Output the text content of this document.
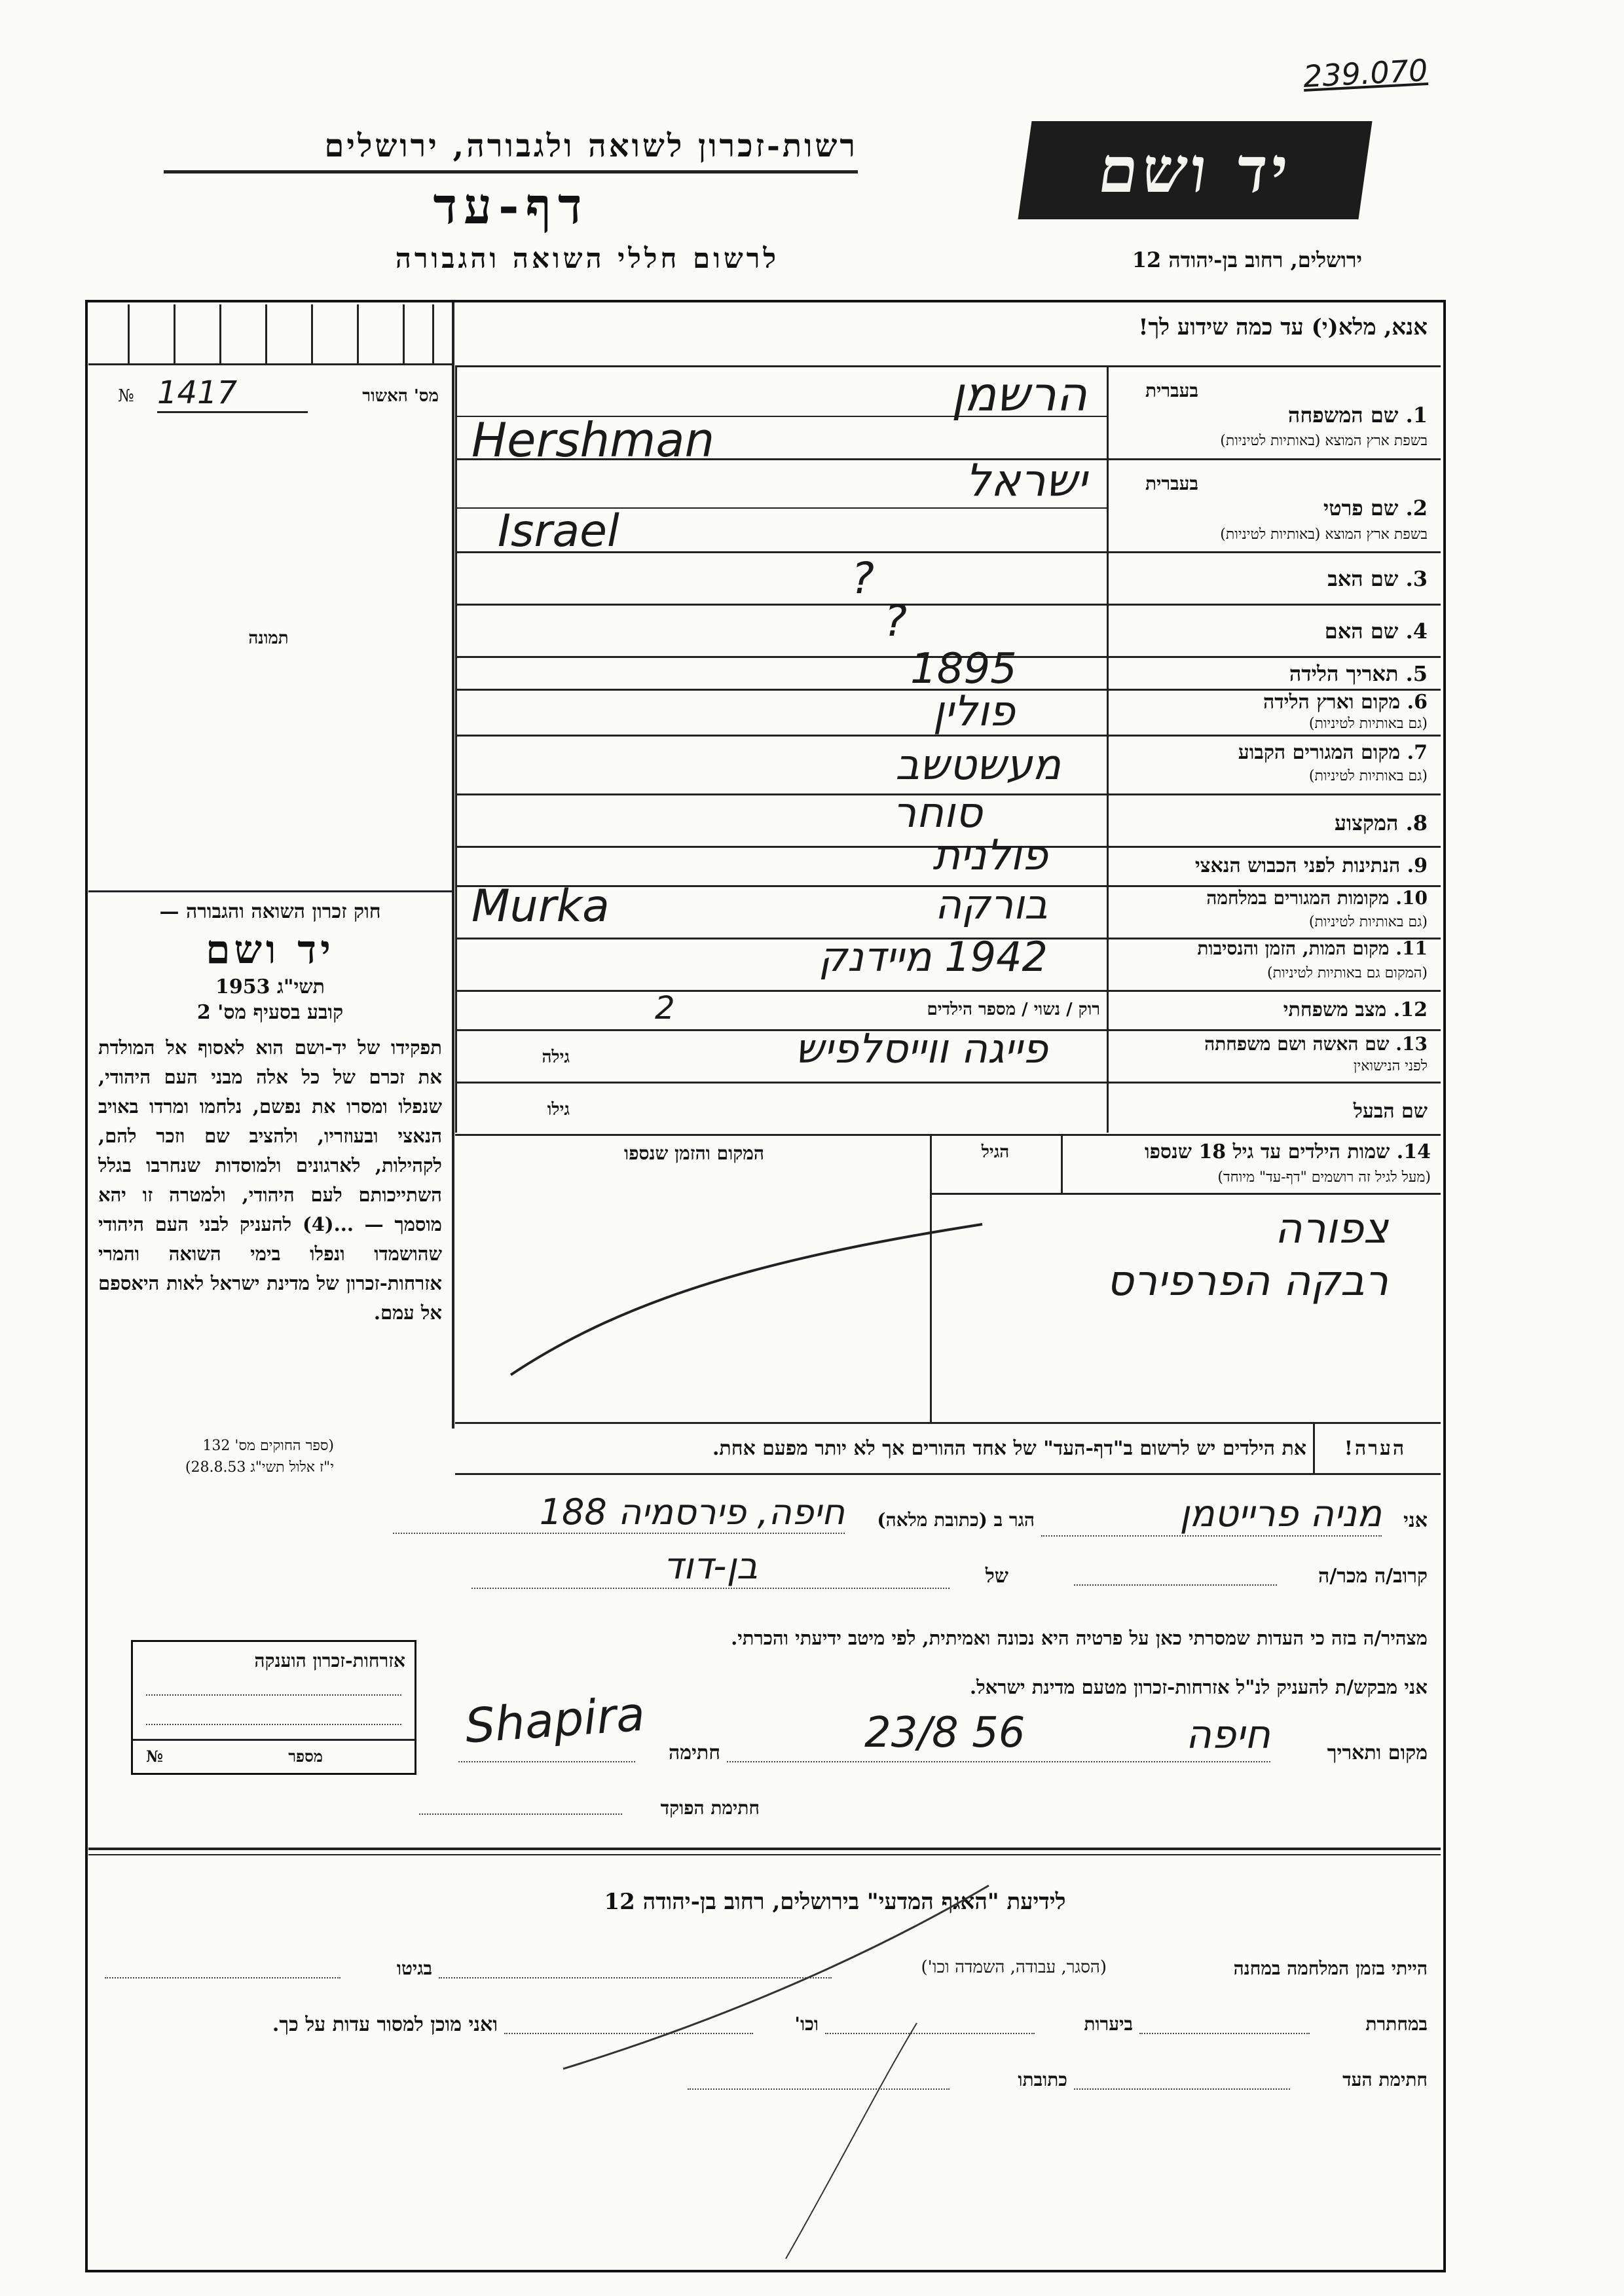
239.070
רשות-זכרון לשואה ולגבורה, ירושלים
דף-עד
לרשום חללי השואה והגבורה
יד ושם
ירושלים, רחוב בן-יהודה 12
אנא, מלא(י) עד כמה שידוע לך!
№ 1417	מס' האשור
תמונה
בעברית
1. שם המשפחה
בשפת ארץ המוצא (באותיות לטיניות)
הרשמן
Hershman
בעברית
2. שם פרטי
בשפת ארץ המוצא (באותיות לטיניות)
ישראל
Israel
3. שם האב
?
4. שם האם
?
5. תאריך הלידה
1895
6. מקום וארץ הלידה
(גם באותיות לטיניות)
פולין
7. מקום המגורים הקבוע
(גם באותיות לטיניות)
מעשטשב
8. המקצוע
סוחר
9. הנתינות לפני הכבוש הנאצי
פולנית
10. מקומות המגורים במלחמה
(גם באותיות לטיניות)
בורקה
Murka
11. מקום המות, הזמן והנסיבות
(המקום גם באותיות לטיניות)
1942 מיידנק
12. מצב משפחתי
רוק / נשוי / מספר הילדים
2
13. שם האשה ושם משפחתה
לפני הנישואין
פייגה ווייסלפיש
גילה
שם הבעל
גילו
14. שמות הילדים עד גיל 18 שנספו
(מעל לגיל זה רושמים "דף-עד" מיוחד)
הגיל
המקום והזמן שנספו
צפורה
רבקה הפרפירס
חוק זכרון השואה והגבורה —
יד ושם
תשי"ג 1953
קובע בסעיף מס' 2
תפקידו של יד-ושם הוא לאסוף אל המולדת את זכרם של כל אלה מבני העם היהודי, שנפלו ומסרו את נפשם, נלחמו ומרדו באויב הנאצי ובעוזריו, ולהציב שם וזכר להם, לקהילות, לארגונים ולמוסדות שנחרבו בגלל השתייכותם לעם היהודי, ולמטרה זו יהא מוסמך — ...(4) להעניק לבני העם היהודי שהושמדו ונפלו בימי השואה והמרי אזרחות-זכרון של מדינת ישראל לאות היאספם אל עמם.
(ספר החוקים מס' 132
י"ז אלול תשי"ג 28.8.53)
הערה!
את הילדים יש לרשום ב"דף-העד" של אחד ההורים אך לא יותר מפעם אחת.
אני
מניה פרייטמן
הגר ב (כתובת מלאה)
חיפה, פירסמיה 188
קרוב/ה מכר/ה
של
בן-דוד
מצהיר/ה בזה כי העדות שמסרתי כאן על פרטיה היא נכונה ואמיתית, לפי מיטב ידיעתי והכרתי.
אני מבקש/ת להעניק לנ"ל אזרחות-זכרון מטעם מדינת ישראל.
מקום ותאריך
חיפה
23/8 56
חתימה
Shapira
חתימת הפוקד
אזרחות-זכרון הוענקה
מספר
№
לידיעת "האגף המדעי" בירושלים, רחוב בן-יהודה 12
הייתי בזמן המלחמה במחנה
(הסגר, עבודה, השמדה וכו')
בגיטו
במחתרת
ביערות
וכו'
ואני מוכן למסור עדות על כך.
חתימת העד
כתובתו
